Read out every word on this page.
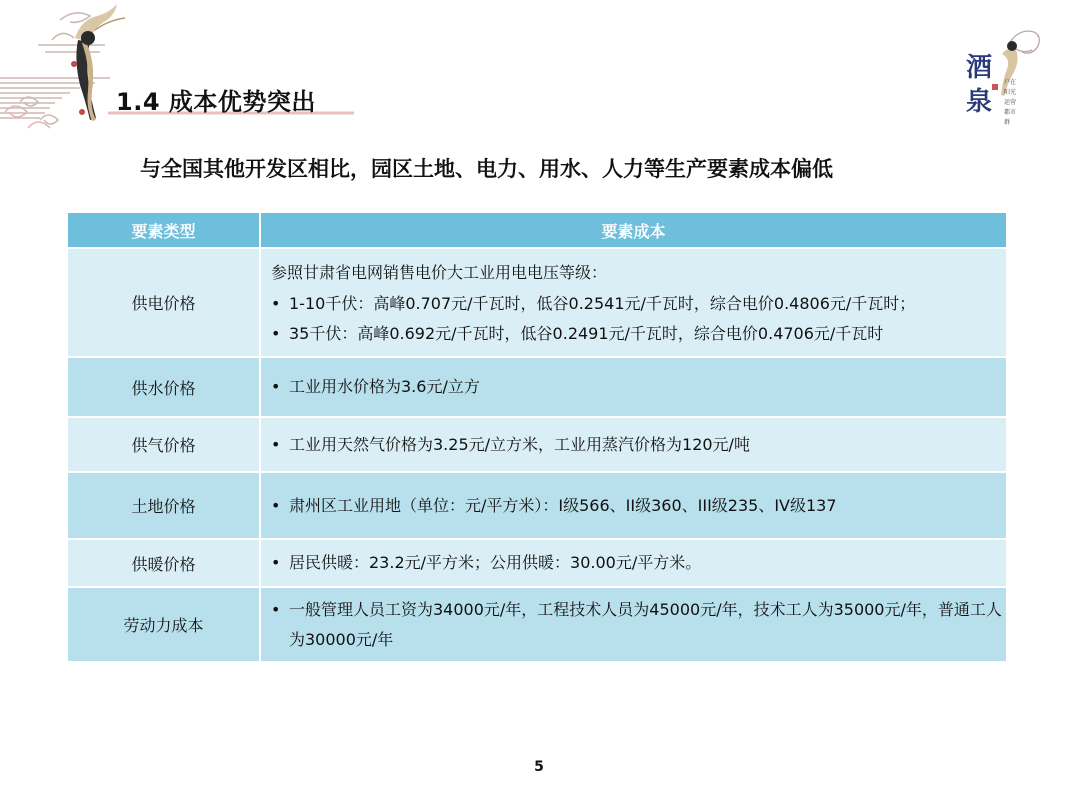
酒
泉
户在
阳光
运营
都市
群
1.4 成本优势突出
与全国其他开发区相比，园区土地、电力、用水、人力等生产要素成本偏低
要素类型	要素成本
供电价格	参照甘肃省电网销售电价大工业用电电压等级：
• 1-10千伏：高峰0.707元/千瓦时，低谷0.2541元/千瓦时，综合电价0.4806元/千瓦时；
• 35千伏：高峰0.692元/千瓦时，低谷0.2491元/千瓦时，综合电价0.4706元/千瓦时

供水价格	• 工业用水价格为3.6元/立方

供气价格	• 工业用天然气价格为3.25元/立方米，工业用蒸汽价格为120元/吨

土地价格	• 肃州区工业用地（单位：元/平方米）：I级566、II级360、III级235、IV级137

供暖价格	• 居民供暖：23.2元/平方米；公用供暖：30.00元/平方米。

劳动力成本	• 一般管理人员工资为34000元/年，工程技术人员为45000元/年，技术工人为35000元/年，普通工人为30000元/年
5
